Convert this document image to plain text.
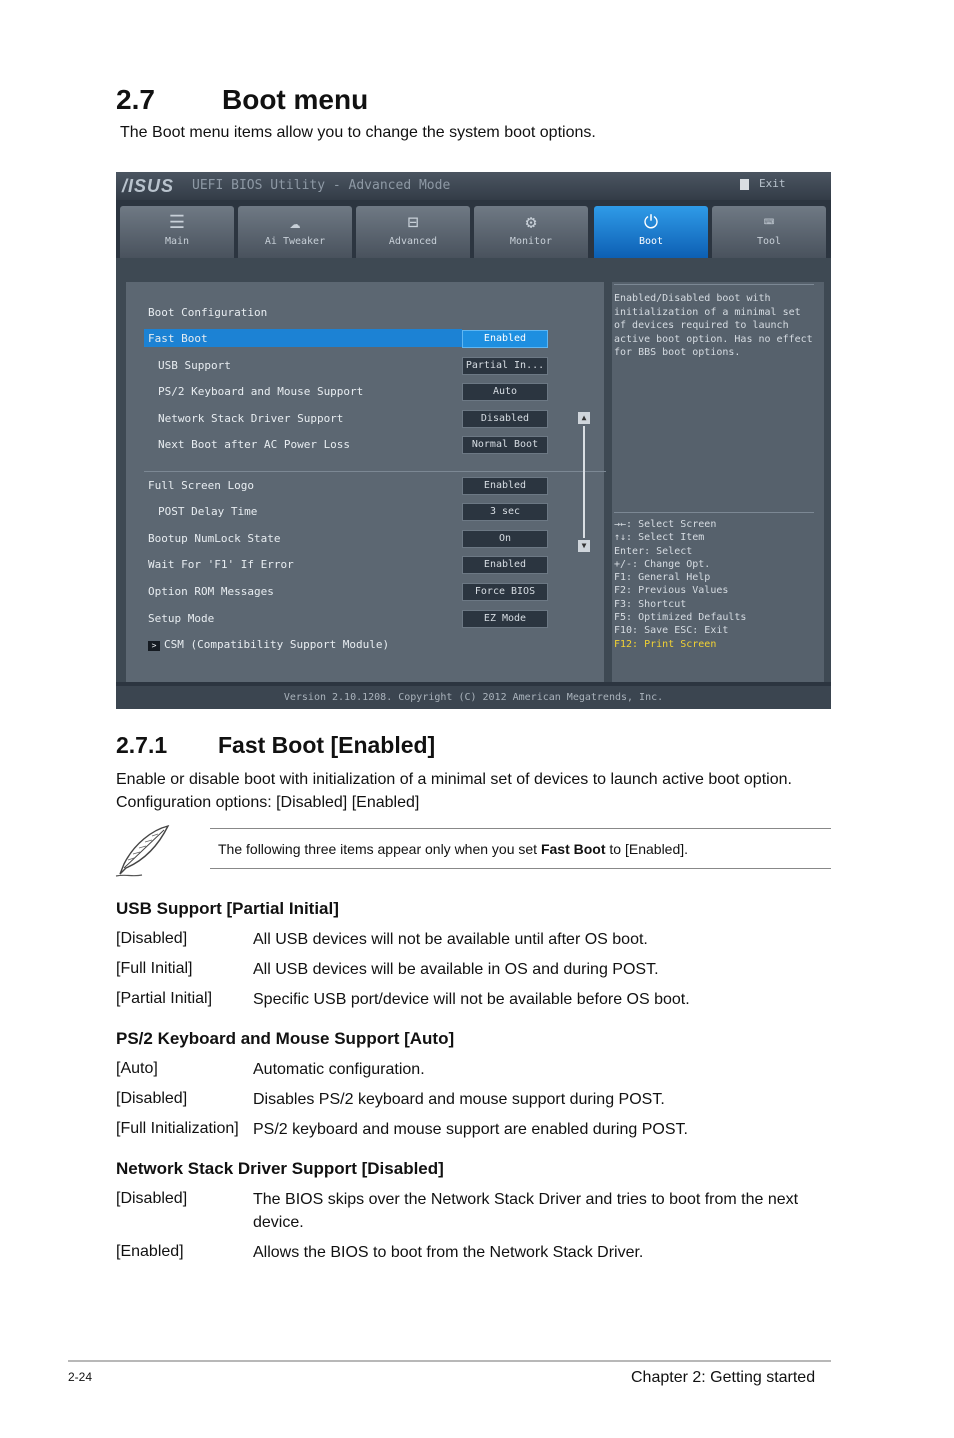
2.7 Boot menu
The Boot menu items allow you to change the system boot options.
/ISUS UEFI BIOS Utility - Advanced Mode	Exit
☰
Main
☁
Ai Tweaker
⊟
Advanced
⚙
Monitor
⏻
Boot
⌨
Tool
Boot Configuration
Fast Boot	Enabled
USB Support	Partial In...
PS/2 Keyboard and Mouse Support	Auto
Network Stack Driver Support	Disabled
Next Boot after AC Power Loss	Normal Boot
Full Screen Logo	Enabled
POST Delay Time	3 sec
Bootup NumLock State	On
Wait For 'F1' If Error	Enabled
Option ROM Messages	Force BIOS
Setup Mode	EZ Mode
> CSM (Compatibility Support Module)
▲
▼
Enabled/Disabled boot with initialization of a minimal set of devices required to launch active boot option. Has no effect for BBS boot options.
→←: Select Screen
↑↓: Select Item
Enter: Select
+/-: Change Opt.
F1: General Help
F2: Previous Values
F3: Shortcut
F5: Optimized Defaults
F10: Save ESC: Exit
F12: Print Screen
Version 2.10.1208. Copyright (C) 2012 American Megatrends, Inc.
2.7.1 Fast Boot [Enabled]
Enable or disable boot with initialization of a minimal set of devices to launch active boot option. Configuration options: [Disabled] [Enabled]
The following three items appear only when you set Fast Boot to [Enabled].
USB Support [Partial Initial]
[Disabled]	All USB devices will not be available until after OS boot.
[Full Initial]	All USB devices will be available in OS and during POST.
[Partial Initial]	Specific USB port/device will not be available before OS boot.
PS/2 Keyboard and Mouse Support [Auto]
[Auto]	Automatic configuration.
[Disabled]	Disables PS/2 keyboard and mouse support during POST.
[Full Initialization] PS/2 keyboard and mouse support are enabled during POST.
Network Stack Driver Support [Disabled]
[Disabled]	The BIOS skips over the Network Stack Driver and tries to boot from the next device.
[Enabled]	Allows the BIOS to boot from the Network Stack Driver.
2-24	Chapter 2: Getting started
